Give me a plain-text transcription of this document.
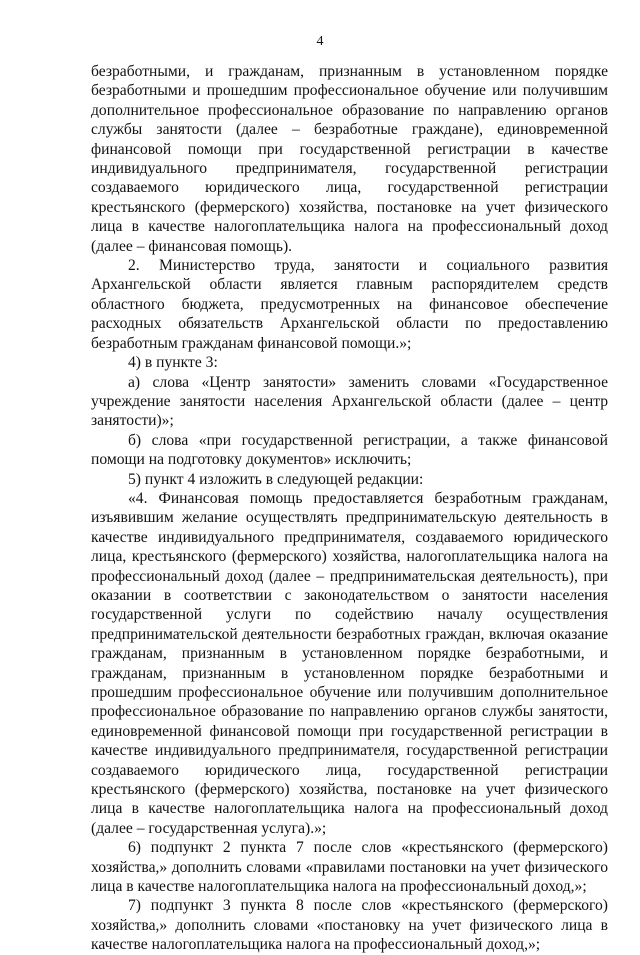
4

безработными, и гражданам, признанным в установленном порядке безработными и прошедшим профессиональное обучение или получившим дополнительное профессиональное образование по направлению органов службы занятости (далее – безработные граждане), единовременной финансовой помощи при государственной регистрации в качестве индивидуального предпринимателя, государственной регистрации создаваемого юридического лица, государственной регистрации крестьянского (фермерского) хозяйства, постановке на учет физического лица в качестве налогоплательщика налога на профессиональный доход (далее – финансовая помощь).

2. Министерство труда, занятости и социального развития Архангельской области является главным распорядителем средств областного бюджета, предусмотренных на финансовое обеспечение расходных обязательств Архангельской области по предоставлению безработным гражданам финансовой помощи.»;

4) в пункте 3:

а) слова «Центр занятости» заменить словами «Государственное учреждение занятости населения Архангельской области (далее – центр занятости)»;

б) слова «при государственной регистрации, а также финансовой помощи на подготовку документов» исключить;

5) пункт 4 изложить в следующей редакции:

«4. Финансовая помощь предоставляется безработным гражданам, изъявившим желание осуществлять предпринимательскую деятельность в качестве индивидуального предпринимателя, создаваемого юридического лица, крестьянского (фермерского) хозяйства, налогоплательщика налога на профессиональный доход (далее – предпринимательская деятельность), при оказании в соответствии с законодательством о занятости населения государственной услуги по содействию началу осуществления предпринимательской деятельности безработных граждан, включая оказание гражданам, признанным в установленном порядке безработными, и гражданам, признанным в установленном порядке безработными и прошедшим профессиональное обучение или получившим дополнительное профессиональное образование по направлению органов службы занятости, единовременной финансовой помощи при государственной регистрации в качестве индивидуального предпринимателя, государственной регистрации создаваемого юридического лица, государственной регистрации крестьянского (фермерского) хозяйства, постановке на учет физического лица в качестве налогоплательщика налога на профессиональный доход (далее – государственная услуга).»;

6) подпункт 2 пункта 7 после слов «крестьянского (фермерского) хозяйства,» дополнить словами «правилами постановки на учет физического лица в качестве налогоплательщика налога на профессиональный доход,»;

7) подпункт 3 пункта 8 после слов «крестьянского (фермерского) хозяйства,» дополнить словами «постановку на учет физического лица в качестве налогоплательщика налога на профессиональный доход,»;
